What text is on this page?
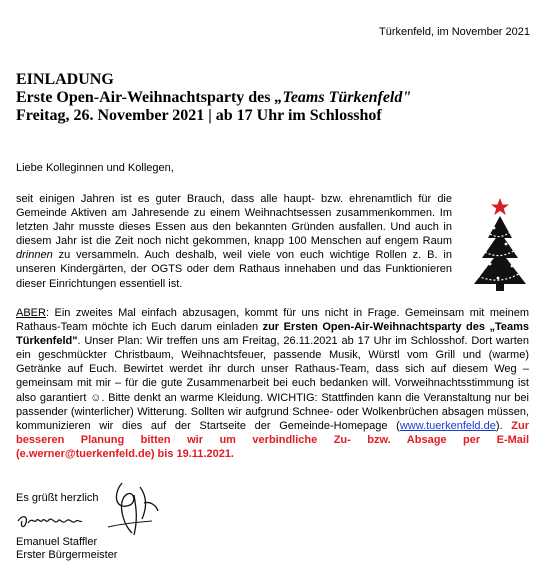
Türkenfeld, im November 2021
EINLADUNG
Erste Open-Air-Weihnachtsparty des „Teams Türkenfeld"
Freitag, 26. November 2021 | ab 17 Uhr im Schlosshof
Liebe Kolleginnen und Kollegen,
seit einigen Jahren ist es guter Brauch, dass alle haupt- bzw. ehrenamtlich für die Gemeinde Aktiven am Jahresende zu einem Weihnachtsessen zusammenkommen. Im letzten Jahr musste dieses Essen aus den bekannten Gründen ausfallen. Und auch in diesem Jahr ist die Zeit noch nicht gekommen, knapp 100 Menschen auf engem Raum drinnen zu versammeln. Auch deshalb, weil viele von euch wichtige Rollen z. B. in unseren Kindergärten, der OGTS oder dem Rathaus innehaben und das Funktionieren dieser Einrichtungen essentiell ist.
ABER: Ein zweites Mal einfach abzusagen, kommt für uns nicht in Frage. Gemeinsam mit meinem Rathaus-Team möchte ich Euch darum einladen zur Ersten Open-Air-Weihnachtsparty des „Teams Türkenfeld". Unser Plan: Wir treffen uns am Freitag, 26.11.2021 ab 17 Uhr im Schlosshof. Dort warten ein geschmückter Christbaum, Weihnachtsfeuer, passende Musik, Würstl vom Grill und (warme) Getränke auf Euch. Bewirtet werdet ihr durch unser Rathaus-Team, dass sich auf diesem Weg – gemeinsam mit mir – für die gute Zusammenarbeit bei euch bedanken will. Vorweihnachtsstimmung ist also garantiert ☺. Bitte denkt an warme Kleidung. WICHTIG: Stattfinden kann die Veranstaltung nur bei passender (winterlicher) Witterung. Sollten wir aufgrund Schnee- oder Wolkenbrüchen absagen müssen, kommunizieren wir dies auf der Startseite der Gemeinde-Homepage (www.tuerkenfeld.de). Zur besseren Planung bitten wir um verbindliche Zu- bzw. Absage per E-Mail (e.werner@tuerkenfeld.de) bis 19.11.2021.
Es grüßt herzlich
Emanuel Staffler
Erster Bürgermeister
